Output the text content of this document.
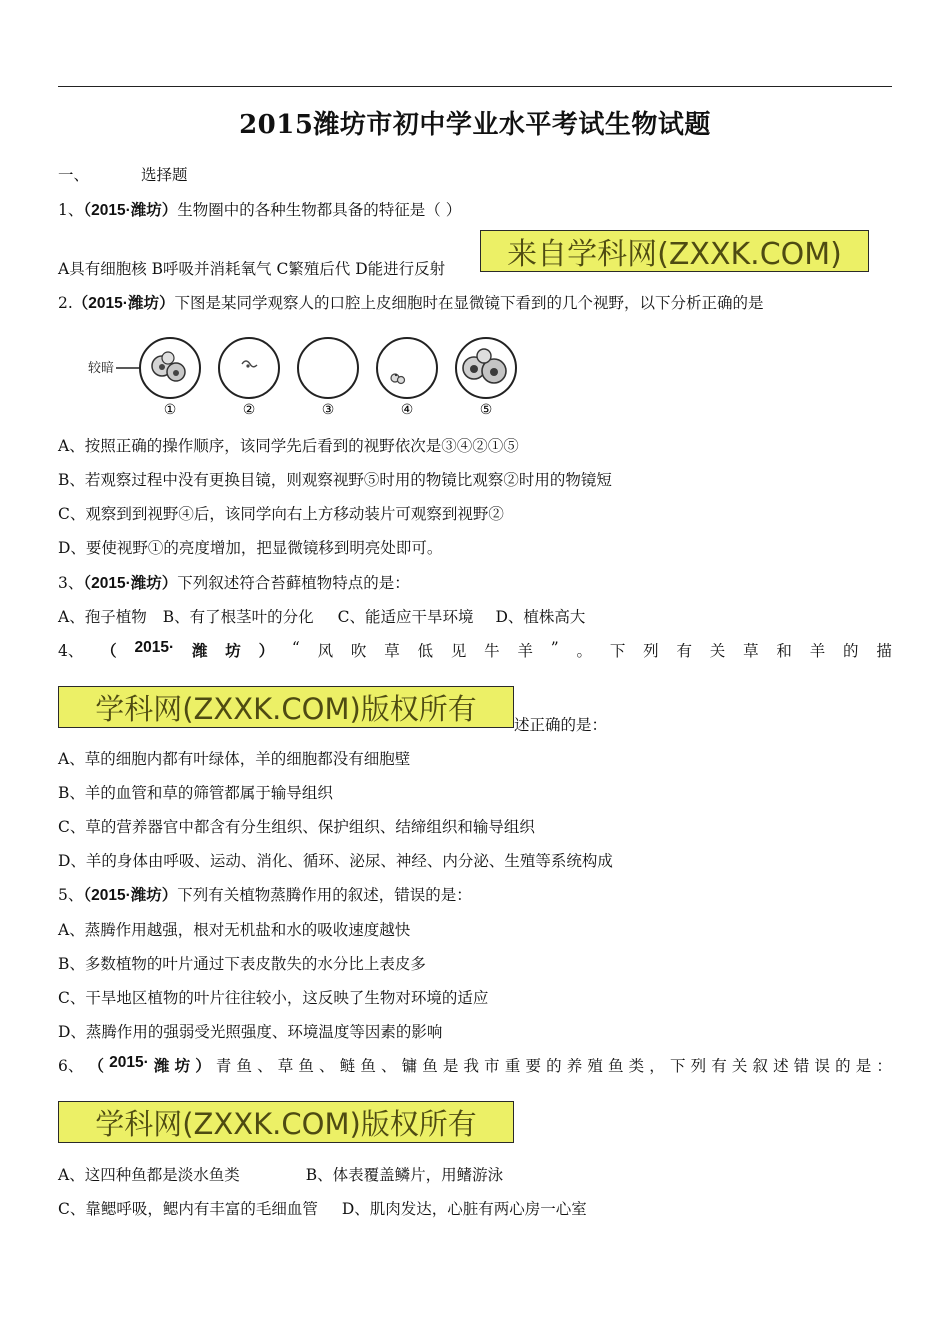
2015潍坊市初中学业水平考试生物试题
一、	选择题
1、（2015·潍坊）生物圈中的各种生物都具备的特征是（ ）
A具有细胞核 B呼吸并消耗氧气 C繁殖后代 D能进行反射	来自学科网(ZXXK.COM)
2.（2015·潍坊）下图是某同学观察人的口腔上皮细胞时在显微镜下看到的几个视野，以下分析正确的是
较暗
①	②	③	④	⑤
A、按照正确的操作顺序，该同学先后看到的视野依次是③④②①⑤
B、若观察过程中没有更换目镜，则观察视野⑤时用的物镜比观察②时用的物镜短
C、观察到到视野④后，该同学向右上方移动装片可观察到视野②
D、要使视野①的亮度增加，把显微镜移到明亮处即可。
3、（2015·潍坊）下列叙述符合苔藓植物特点的是：
A、孢子植物 B、有了根茎叶的分化 C、能适应干旱环境 D、植株高大
4、 （ 2015· 潍 坊 ） “ 风 吹 草 低 见 牛 羊 ” 。 下 列 有 关 草 和 羊 的 描
学科网(ZXXK.COM)版权所有	述正确的是：
A、草的细胞内都有叶绿体，羊的细胞都没有细胞壁
B、羊的血管和草的筛管都属于输导组织
C、草的营养器官中都含有分生组织、保护组织、结缔组织和输导组织
D、羊的身体由呼吸、运动、消化、循环、泌尿、神经、内分泌、生殖等系统构成
5、（2015·潍坊）下列有关植物蒸腾作用的叙述，错误的是：
A、蒸腾作用越强，根对无机盐和水的吸收速度越快
B、多数植物的叶片通过下表皮散失的水分比上表皮多
C、干旱地区植物的叶片往往较小，这反映了生物对环境的适应
D、蒸腾作用的强弱受光照强度、环境温度等因素的影响
6、 （ 2015· 潍 坊 ） 青 鱼 、 草 鱼 、 鲢 鱼 、 镛 鱼 是 我 市 重 要 的 养 殖 鱼 类 ， 下 列 有 关 叙 述 错 误 的 是 ：
学科网(ZXXK.COM)版权所有
A、这四种鱼都是淡水鱼类	B、体表覆盖鳞片，用鳍游泳
C、靠鳃呼吸，鳃内有丰富的毛细血管 D、肌肉发达，心脏有两心房一心室
